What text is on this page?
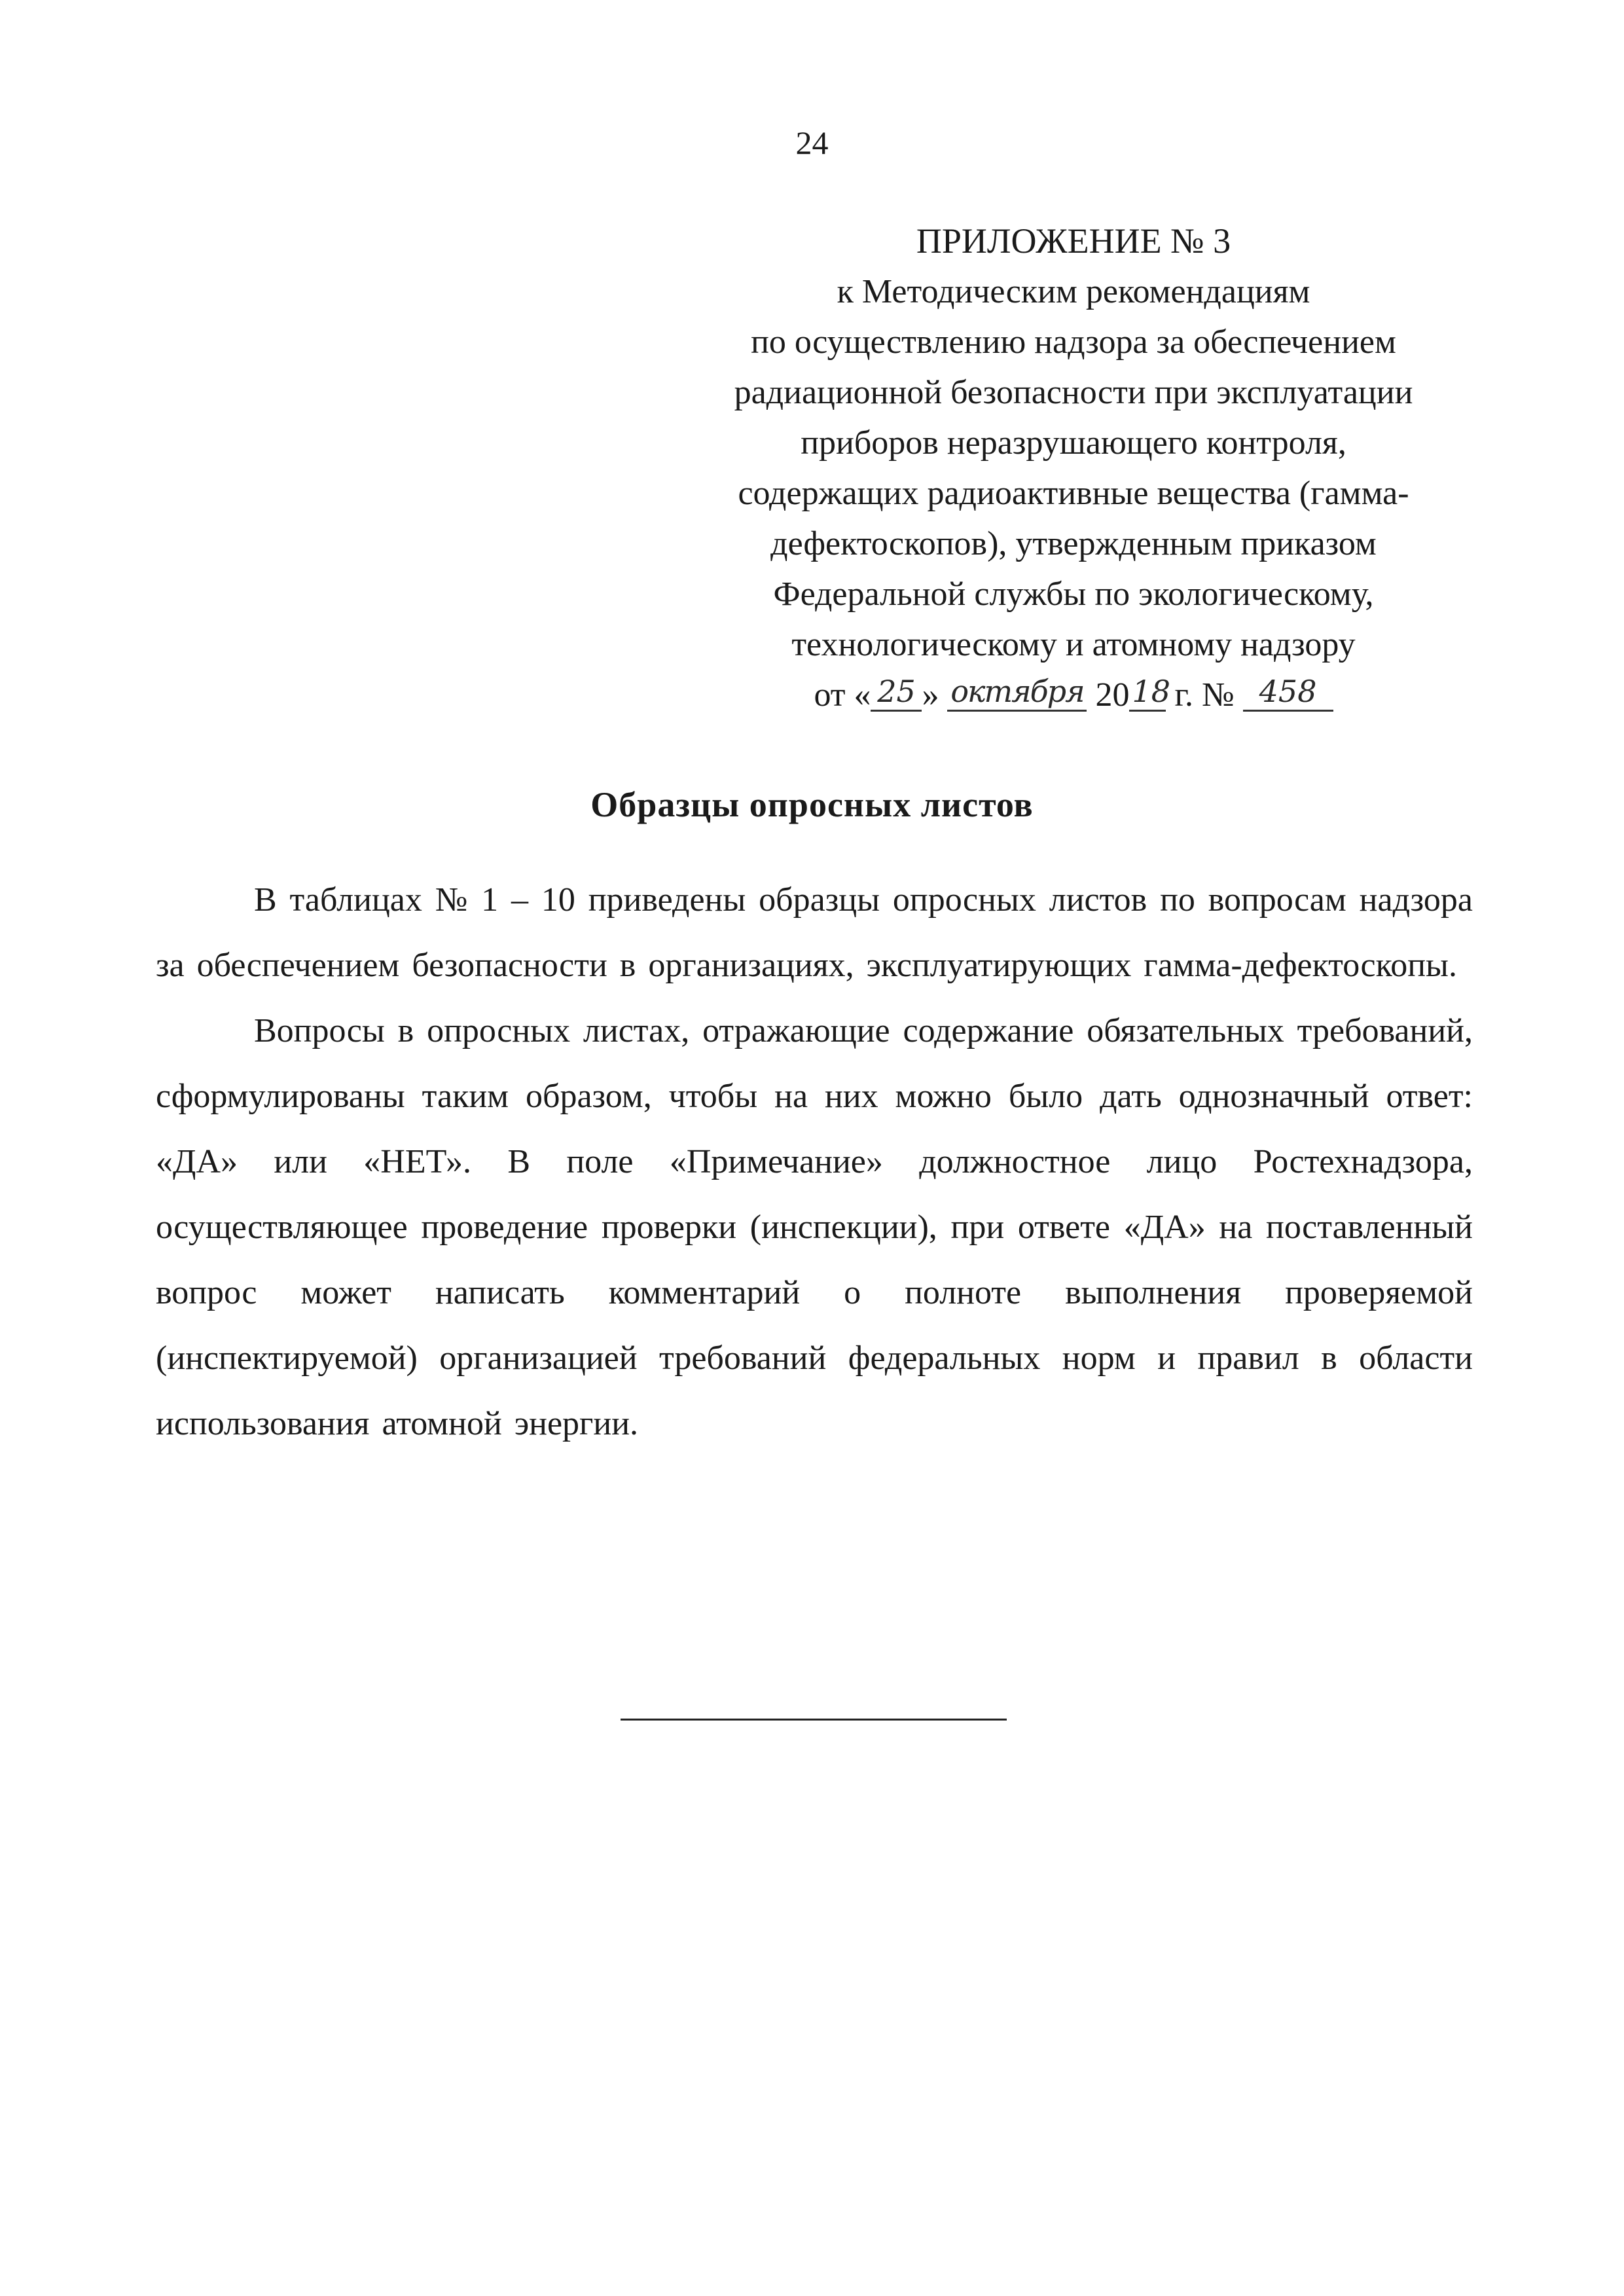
24
ПРИЛОЖЕНИЕ № 3
к Методическим рекомендациям
по осуществлению надзора за обеспечением
радиационной безопасности при эксплуатации
приборов неразрушающего контроля,
содержащих радиоактивные вещества (гамма-
дефектоскопов), утвержденным приказом
Федеральной службы по экологическому,
технологическому и атомному надзору
от « 25 » октября 2018 г. № 458
Образцы опросных листов

В таблицах № 1 – 10 приведены образцы опросных листов по вопросам надзора за обеспечением безопасности в организациях, эксплуатирующих гамма-дефектоскопы.

Вопросы в опросных листах, отражающие содержание обязательных требований, сформулированы таким образом, чтобы на них можно было дать однозначный ответ: «ДА» или «НЕТ». В поле «Примечание» должностное лицо Ростехнадзора, осуществляющее проведение проверки (инспекции), при ответе «ДА» на поставленный вопрос может написать комментарий о полноте выполнения проверяемой (инспектируемой) организацией требований федеральных норм и правил в области использования атомной энергии.
